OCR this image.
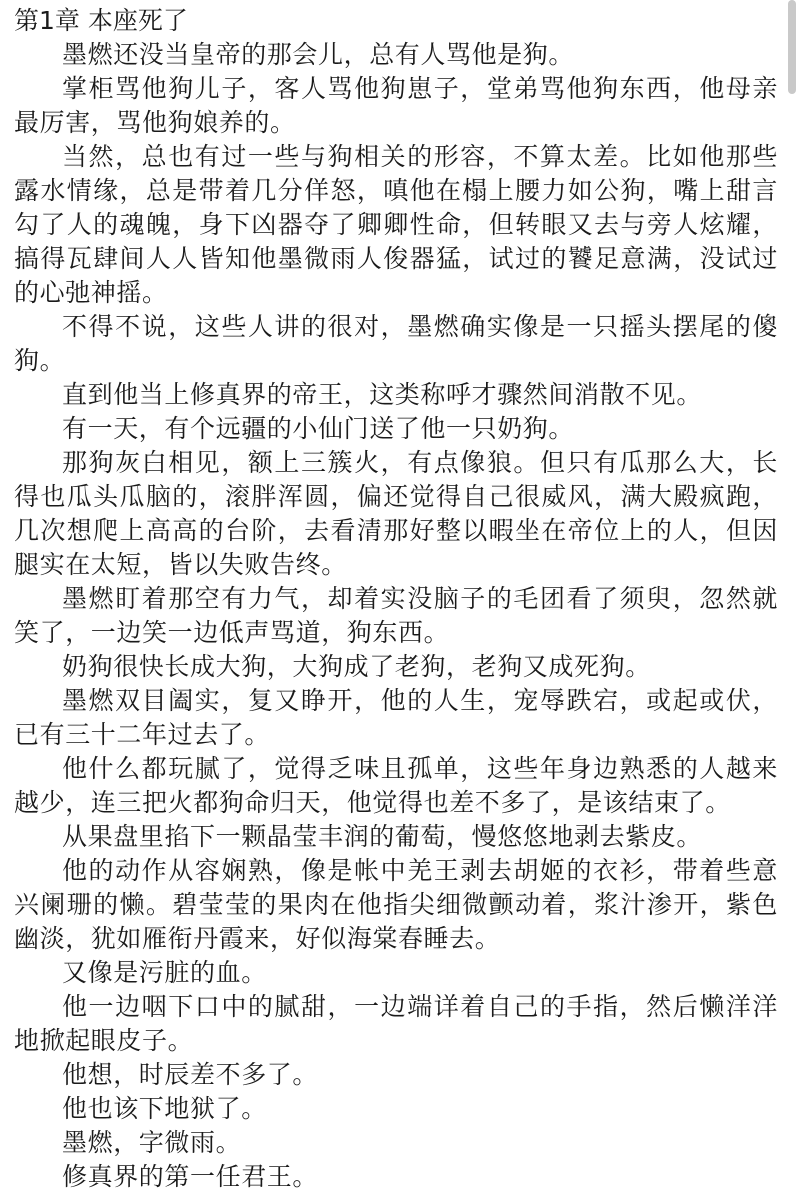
第1章 本座死了

墨燃还没当皇帝的那会儿，总有人骂他是狗。

掌柜骂他狗儿子，客人骂他狗崽子，堂弟骂他狗东西，他母亲最厉害，骂他狗娘养的。

当然，总也有过一些与狗相关的形容，不算太差。比如他那些露水情缘，总是带着几分佯怒，嗔他在榻上腰力如公狗，嘴上甜言勾了人的魂魄，身下凶器夺了卿卿性命，但转眼又去与旁人炫耀，搞得瓦肆间人人皆知他墨微雨人俊器猛，试过的饕足意满，没试过的心弛神摇。

不得不说，这些人讲的很对，墨燃确实像是一只摇头摆尾的傻狗。

直到他当上修真界的帝王，这类称呼才骤然间消散不见。

有一天，有个远疆的小仙门送了他一只奶狗。

那狗灰白相见，额上三簇火，有点像狼。但只有瓜那么大，长得也瓜头瓜脑的，滚胖浑圆，偏还觉得自己很威风，满大殿疯跑，几次想爬上高高的台阶，去看清那好整以暇坐在帝位上的人，但因腿实在太短，皆以失败告终。

墨燃盯着那空有力气，却着实没脑子的毛团看了须臾，忽然就笑了，一边笑一边低声骂道，狗东西。

奶狗很快长成大狗，大狗成了老狗，老狗又成死狗。

墨燃双目阖实，复又睁开，他的人生，宠辱跌宕，或起或伏，已有三十二年过去了。

他什么都玩腻了，觉得乏味且孤单，这些年身边熟悉的人越来越少，连三把火都狗命归天，他觉得也差不多了，是该结束了。

从果盘里掐下一颗晶莹丰润的葡萄，慢悠悠地剥去紫皮。

他的动作从容娴熟，像是帐中羌王剥去胡姬的衣衫，带着些意兴阑珊的懒。碧莹莹的果肉在他指尖细微颤动着，浆汁渗开，紫色幽淡，犹如雁衔丹霞来，好似海棠春睡去。

又像是污脏的血。

他一边咽下口中的腻甜，一边端详着自己的手指，然后懒洋洋地掀起眼皮子。

他想，时辰差不多了。

他也该下地狱了。

墨燃，字微雨。

修真界的第一任君王。
